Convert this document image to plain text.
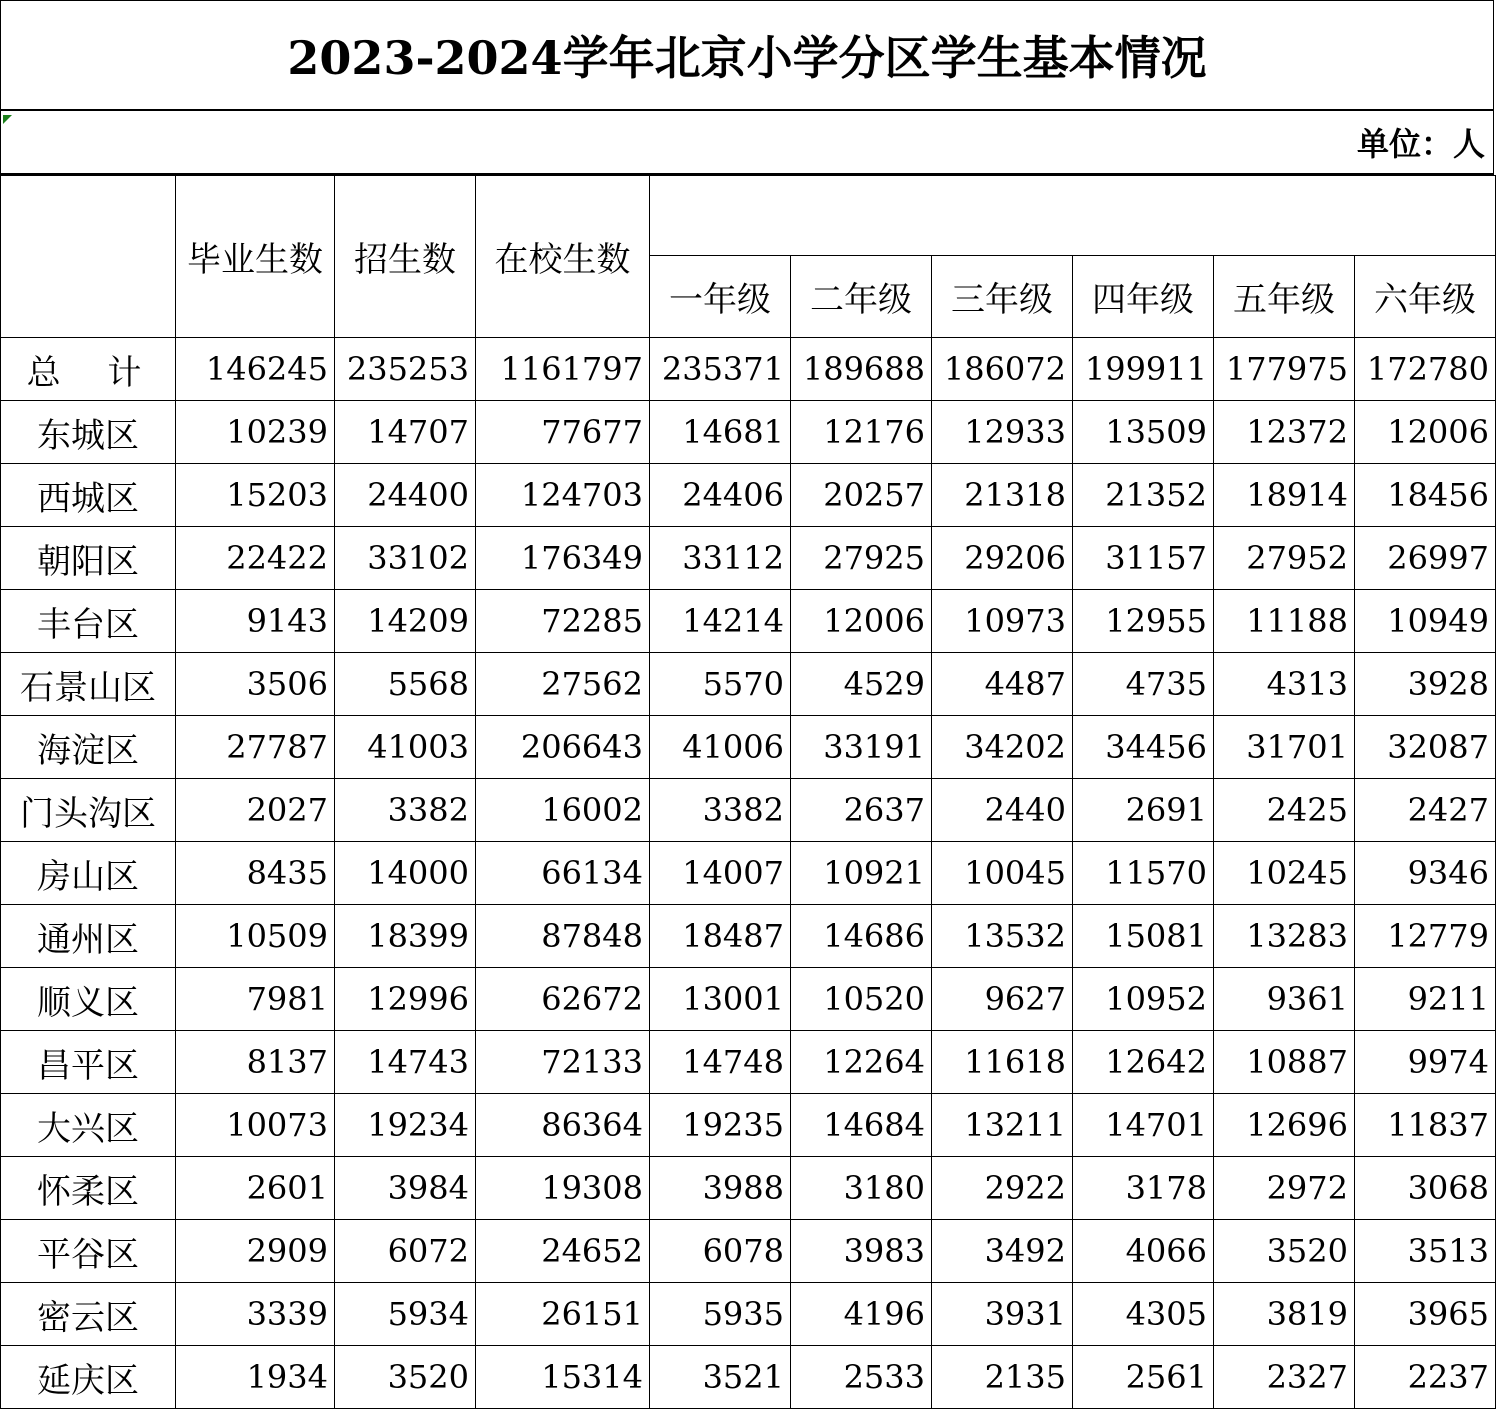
2023-2024学年北京小学分区学生基本情况
单位：人
	毕业生数	招生数	在校生数						
				一年级	二年级	三年级	四年级	五年级	六年级
总 计	146245	235253	1161797	235371	189688	186072	199911	177975	172780
东城区	10239	14707	77677	14681	12176	12933	13509	12372	12006
西城区	15203	24400	124703	24406	20257	21318	21352	18914	18456
朝阳区	22422	33102	176349	33112	27925	29206	31157	27952	26997
丰台区	9143	14209	72285	14214	12006	10973	12955	11188	10949
石景山区	3506	5568	27562	5570	4529	4487	4735	4313	3928
海淀区	27787	41003	206643	41006	33191	34202	34456	31701	32087
门头沟区	2027	3382	16002	3382	2637	2440	2691	2425	2427
房山区	8435	14000	66134	14007	10921	10045	11570	10245	9346
通州区	10509	18399	87848	18487	14686	13532	15081	13283	12779
顺义区	7981	12996	62672	13001	10520	9627	10952	9361	9211
昌平区	8137	14743	72133	14748	12264	11618	12642	10887	9974
大兴区	10073	19234	86364	19235	14684	13211	14701	12696	11837
怀柔区	2601	3984	19308	3988	3180	2922	3178	2972	3068
平谷区	2909	6072	24652	6078	3983	3492	4066	3520	3513
密云区	3339	5934	26151	5935	4196	3931	4305	3819	3965
延庆区	1934	3520	15314	3521	2533	2135	2561	2327	2237
